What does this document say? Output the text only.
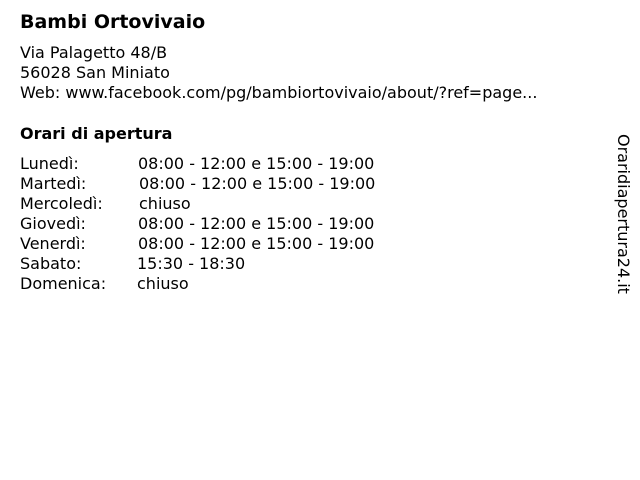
Bambi Ortovivaio
Via Palagetto 48/B
56028 San Miniato
Web: www.facebook.com/pg/bambiortovivaio/about/?ref=page...
Orari di apertura
Lunedì:	08:00 - 12:00 e 15:00 - 19:00
Martedì:	08:00 - 12:00 e 15:00 - 19:00
Mercoledì: chiuso
Giovedì:	08:00 - 12:00 e 15:00 - 19:00
Venerdì:	08:00 - 12:00 e 15:00 - 19:00
Sabato:	15:30 - 18:30
Domenica: chiuso	Oraridiapertura24.it
